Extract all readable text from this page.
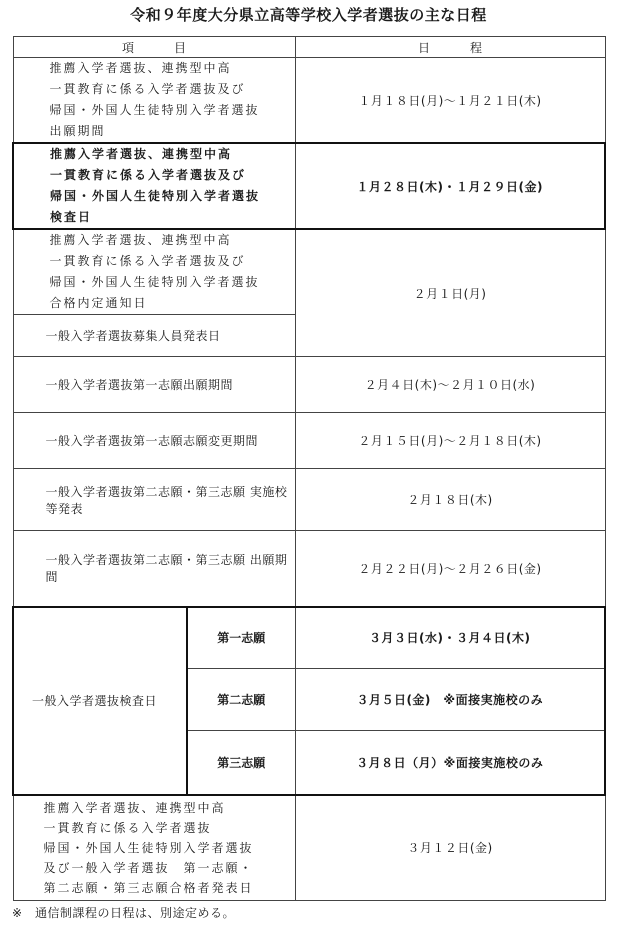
令和９年度大分県立高等学校入学者選抜の主な日程
項目		日程

推薦入学者選抜、連携型中高
一貫教育に係る入学者選抜及び
帰国・外国人生徒特別入学者選抜
出願期間		１月１８日(月)〜１月２１日(木)

推薦入学者選抜、連携型中高
一貫教育に係る入学者選抜及び
帰国・外国人生徒特別入学者選抜
検査日		１月２８日(木)・１月２９日(金)

推薦入学者選抜、連携型中高
一貫教育に係る入学者選抜及び
帰国・外国人生徒特別入学者選抜
合格内定通知日		２月１日(月)
一般入学者選抜募集人員発表日		
一般入学者選抜第一志願出願期間		２月４日(木)〜２月１０日(水)
一般入学者選抜第一志願志願変更期間		２月１５日(月)〜２月１８日(木)
一般入学者選抜第二志願・第三志願 実施校等発表		２月１８日(木)
一般入学者選抜第二志願・第三志願 出願期間		２月２２日(月)〜２月２６日(金)
一般入学者選抜検査日	第一志願	３月３日(水)・３月４日(木)
	第二志願	３月５日(金)　※面接実施校のみ
	第三志願	３月８日（月）※面接実施校のみ

推薦入学者選抜、連携型中高
一貫教育に係る入学者選抜
帰国・外国人生徒特別入学者選抜
及び一般入学者選抜　第一志願・
第二志願・第三志願合格者発表日		３月１２日(金)
※　通信制課程の日程は、別途定める。
